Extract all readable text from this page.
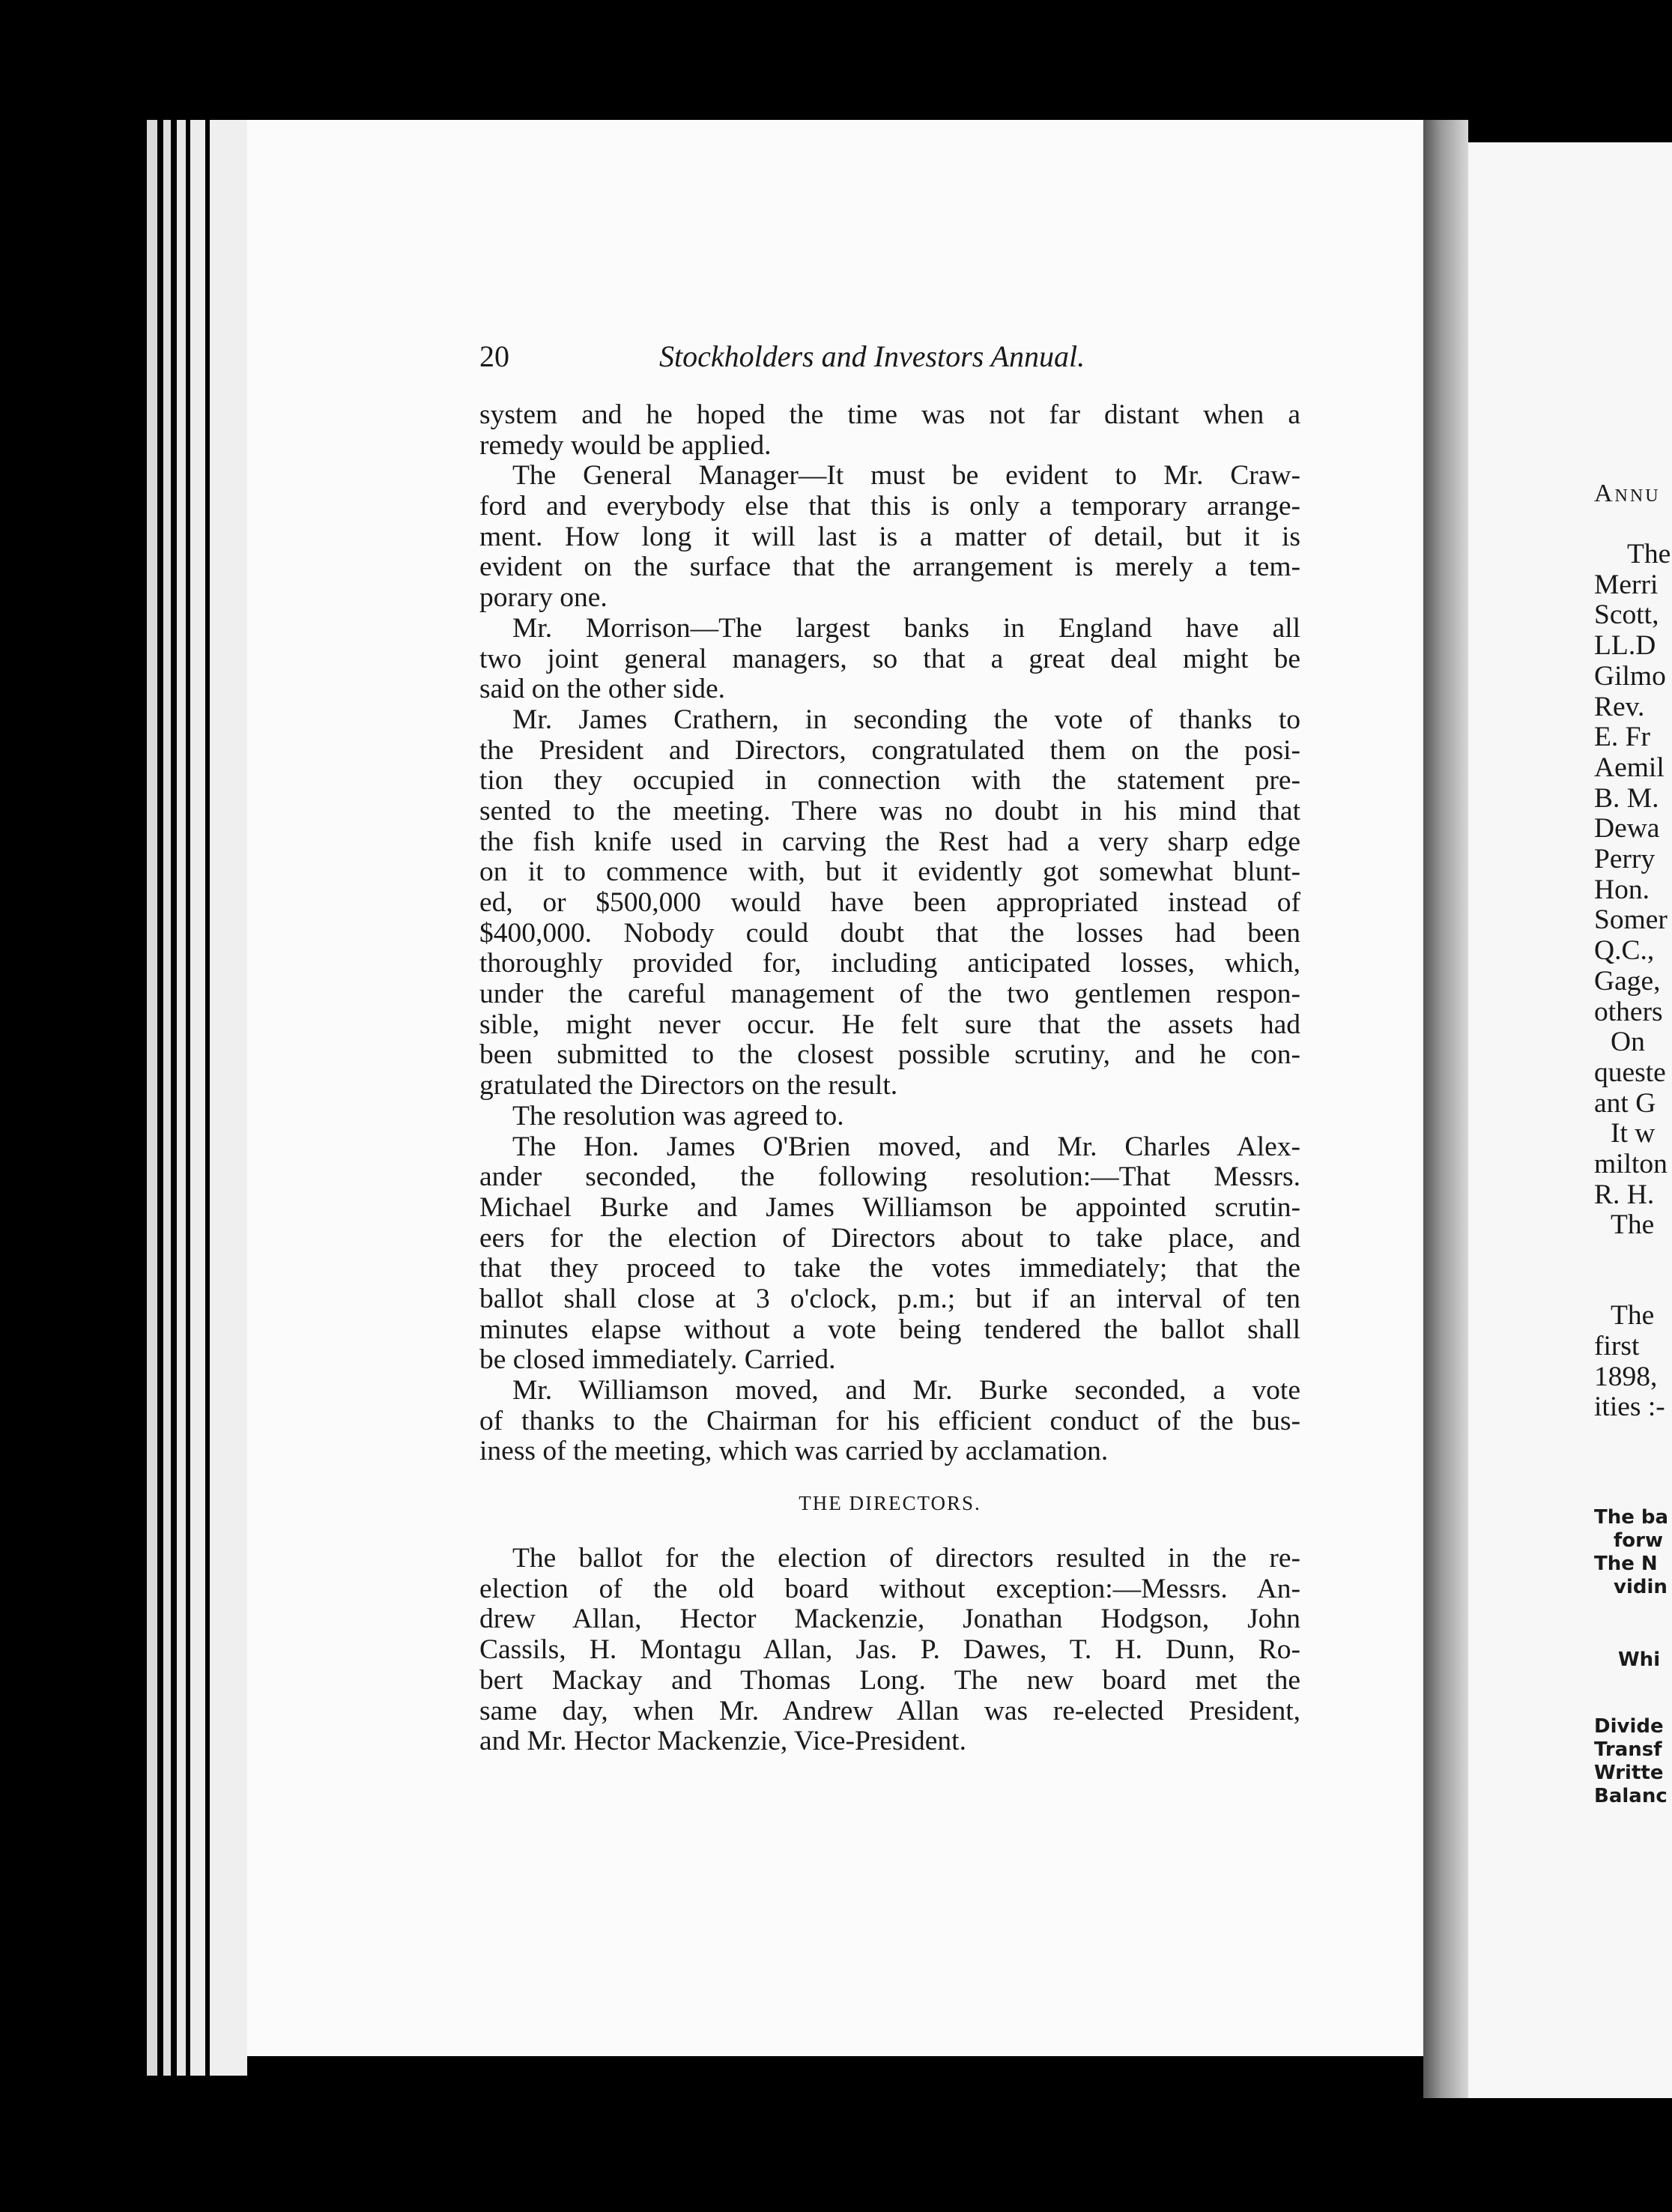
20	Stockholders and Investors Annual.
system and he hoped the time was not far distant when a
remedy would be applied.
The General Manager—It must be evident to Mr. Craw-
ford and everybody else that this is only a temporary arrange-
ment. How long it will last is a matter of detail, but it is
evident on the surface that the arrangement is merely a tem-
porary one.
Mr. Morrison—The largest banks in England have all
two joint general managers, so that a great deal might be
said on the other side.
Mr. James Crathern, in seconding the vote of thanks to
the President and Directors, congratulated them on the posi-
tion they occupied in connection with the statement pre-
sented to the meeting. There was no doubt in his mind that
the fish knife used in carving the Rest had a very sharp edge
on it to commence with, but it evidently got somewhat blunt-
ed, or $500,000 would have been appropriated instead of
$400,000. Nobody could doubt that the losses had been
thoroughly provided for, including anticipated losses, which,
under the careful management of the two gentlemen respon-
sible, might never occur. He felt sure that the assets had
been submitted to the closest possible scrutiny, and he con-
gratulated the Directors on the result.
The resolution was agreed to.
The Hon. James O'Brien moved, and Mr. Charles Alex-
ander seconded, the following resolution:—That Messrs.
Michael Burke and James Williamson be appointed scrutin-
eers for the election of Directors about to take place, and
that they proceed to take the votes immediately; that the
ballot shall close at 3 o'clock, p.m.; but if an interval of ten
minutes elapse without a vote being tendered the ballot shall
be closed immediately. Carried.
Mr. Williamson moved, and Mr. Burke seconded, a vote
of thanks to the Chairman for his efficient conduct of the bus-
iness of the meeting, which was carried by acclamation.
THE DIRECTORS.
The ballot for the election of directors resulted in the re-
election of the old board without exception:—Messrs. An-
drew Allan, Hector Mackenzie, Jonathan Hodgson, John
Cassils, H. Montagu Allan, Jas. P. Dawes, T. H. Dunn, Ro-
bert Mackay and Thomas Long. The new board met the
same day, when Mr. Andrew Allan was re-elected President,
and Mr. Hector Mackenzie, Vice-President.
Annu
The
Merri
Scott,
LL.D
Gilmo
Rev.
E. Fr
Aemil
B. M.
Dewa
Perry
Hon.
Somer
Q.C.,
Gage,
others
On
queste
ant G
It w
milton
R. H.
The
The
first
1898,
ities :-
The ba
forw
The N
vidin
Whi
Divide
Transf
Writte
Balanc
